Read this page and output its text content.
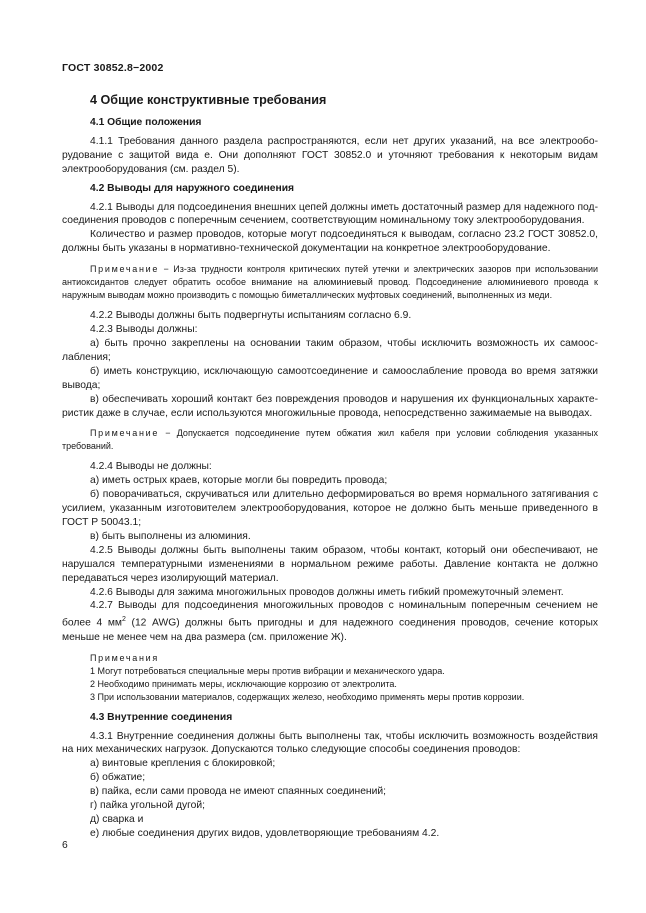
ГОСТ 30852.8−2002

4 Общие конструктивные требования

4.1 Общие положения

4.1.1 Требования данного раздела распространяются, если нет других указаний, на все электрооборудование с защитой вида e. Они дополняют ГОСТ 30852.0 и уточняют требования к некоторым видам электрооборудования (см. раздел 5).

4.2 Выводы для наружного соединения

4.2.1 Выводы для подсоединения внешних цепей должны иметь достаточный размер для надежного подсоединения проводов с поперечным сечением, соответствующим номинальному току электрооборудования.

Количество и размер проводов, которые могут подсоединяться к выводам, согласно 23.2 ГОСТ 30852.0, должны быть указаны в нормативно-технической документации на конкретное электрооборудование.

Примечание − Из-за трудности контроля критических путей утечки и электрических зазоров при использовании антиоксидантов следует обратить особое внимание на алюминиевый провод. Подсоединение алюминиевого провода к наружным выводам можно производить с помощью биметаллических муфтовых соединений, выполненных из меди.

4.2.2 Выводы должны быть подвергнуты испытаниям согласно 6.9.

4.2.3 Выводы должны:

а) быть прочно закреплены на основании таким образом, чтобы исключить возможность их самоослабления;

б) иметь конструкцию, исключающую самоотсоединение и самоослабление провода во время затяжки вывода;

в) обеспечивать хороший контакт без повреждения проводов и нарушения их функциональных характеристик даже в случае, если используются многожильные провода, непосредственно зажимаемые на выводах.

Примечание − Допускается подсоединение путем обжатия жил кабеля при условии соблюдения указанных требований.

4.2.4 Выводы не должны:

а) иметь острых краев, которые могли бы повредить провода;

б) поворачиваться, скручиваться или длительно деформироваться во время нормального затягивания с усилием, указанным изготовителем электрооборудования, которое не должно быть меньше приведенного в ГОСТ Р 50043.1;

в) быть выполнены из алюминия.

4.2.5 Выводы должны быть выполнены таким образом, чтобы контакт, который они обеспечивают, не нарушался температурными изменениями в нормальном режиме работы. Давление контакта не должно передаваться через изолирующий материал.

4.2.6 Выводы для зажима многожильных проводов должны иметь гибкий промежуточный элемент.

4.2.7 Выводы для подсоединения многожильных проводов с номинальным поперечным сечением не более 4 $мм^2$ (12 AWG) должны быть пригодны и для надежного соединения проводов, сечение которых меньше не менее чем на два размера (см. приложение Ж).

Примечания

1 Могут потребоваться специальные меры против вибрации и механического удара.

2 Необходимо принимать меры, исключающие коррозию от электролита.

3 При использовании материалов, содержащих железо, необходимо применять меры против коррозии.

4.3 Внутренние соединения

4.3.1 Внутренние соединения должны быть выполнены так, чтобы исключить возможность воздействия на них механических нагрузок. Допускаются только следующие способы соединения проводов:

а) винтовые крепления с блокировкой;

б) обжатие;

в) пайка, если сами провода не имеют спаянных соединений;

г) пайка угольной дугой;

д) сварка и

е) любые соединения других видов, удовлетворяющие требованиям 4.2.

6
